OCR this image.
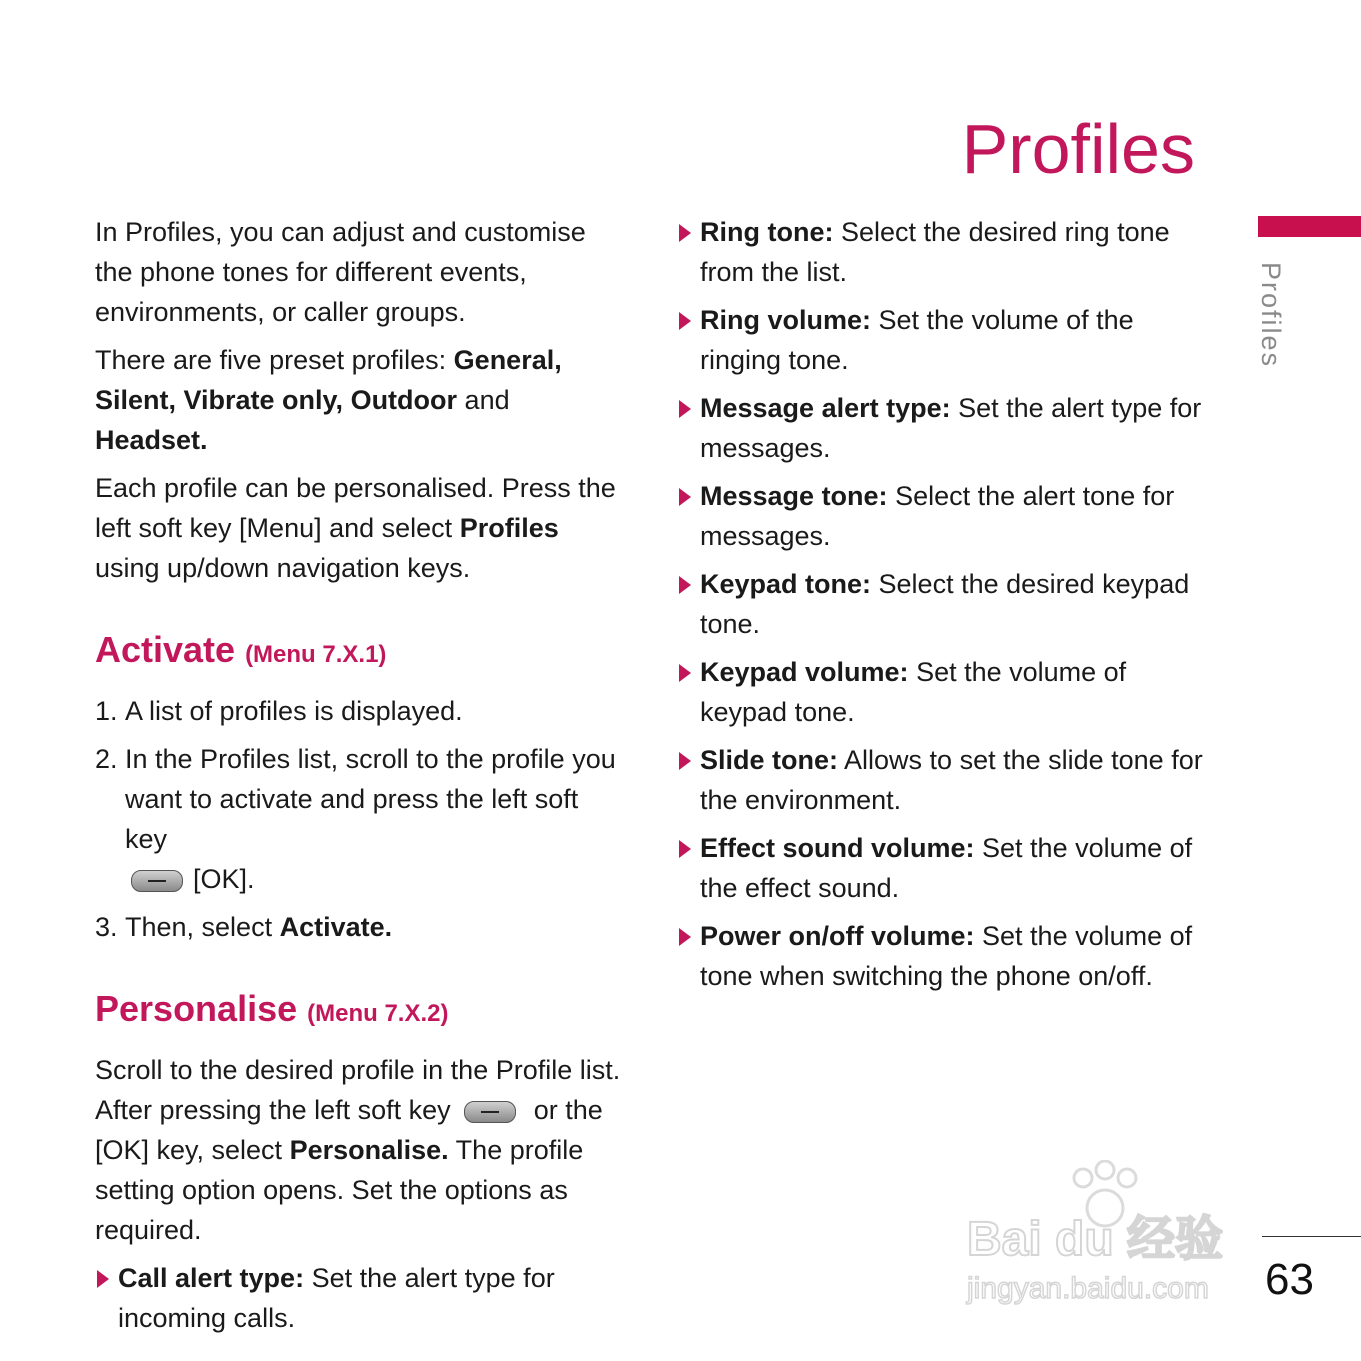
Profiles
Profiles

In Profiles, you can adjust and customise the phone tones for different events, environments, or caller groups.

There are five preset profiles: General, Silent, Vibrate only, Outdoor and Headset.

Each profile can be personalised. Press the left soft key [Menu] and select Profiles using up/down navigation keys.

Activate (Menu 7.X.1)
1. A list of profiles is displayed.
2. In the Profiles list, scroll to the profile you want to activate and press the left soft key
[OK].
3. Then, select Activate.
Personalise (Menu 7.X.2)

Scroll to the desired profile in the Profile list. After pressing the left soft key	or the [OK] key, select Personalise. The profile setting option opens. Set the options as required.

Call alert type: Set the alert type for incoming calls.
Ring tone: Select the desired ring tone from the list.
Ring volume: Set the volume of the ringing tone.
Message alert type: Set the alert type for messages.
Message tone: Select the alert tone for messages.
Keypad tone: Select the desired keypad tone.
Keypad volume: Set the volume of keypad tone.
Slide tone: Allows to set the slide tone for the environment.
Effect sound volume: Set the volume of the effect sound.
Power on/off volume: Set the volume of tone when switching the phone on/off.
Bai du 经验
jingyan.baidu.com 63
